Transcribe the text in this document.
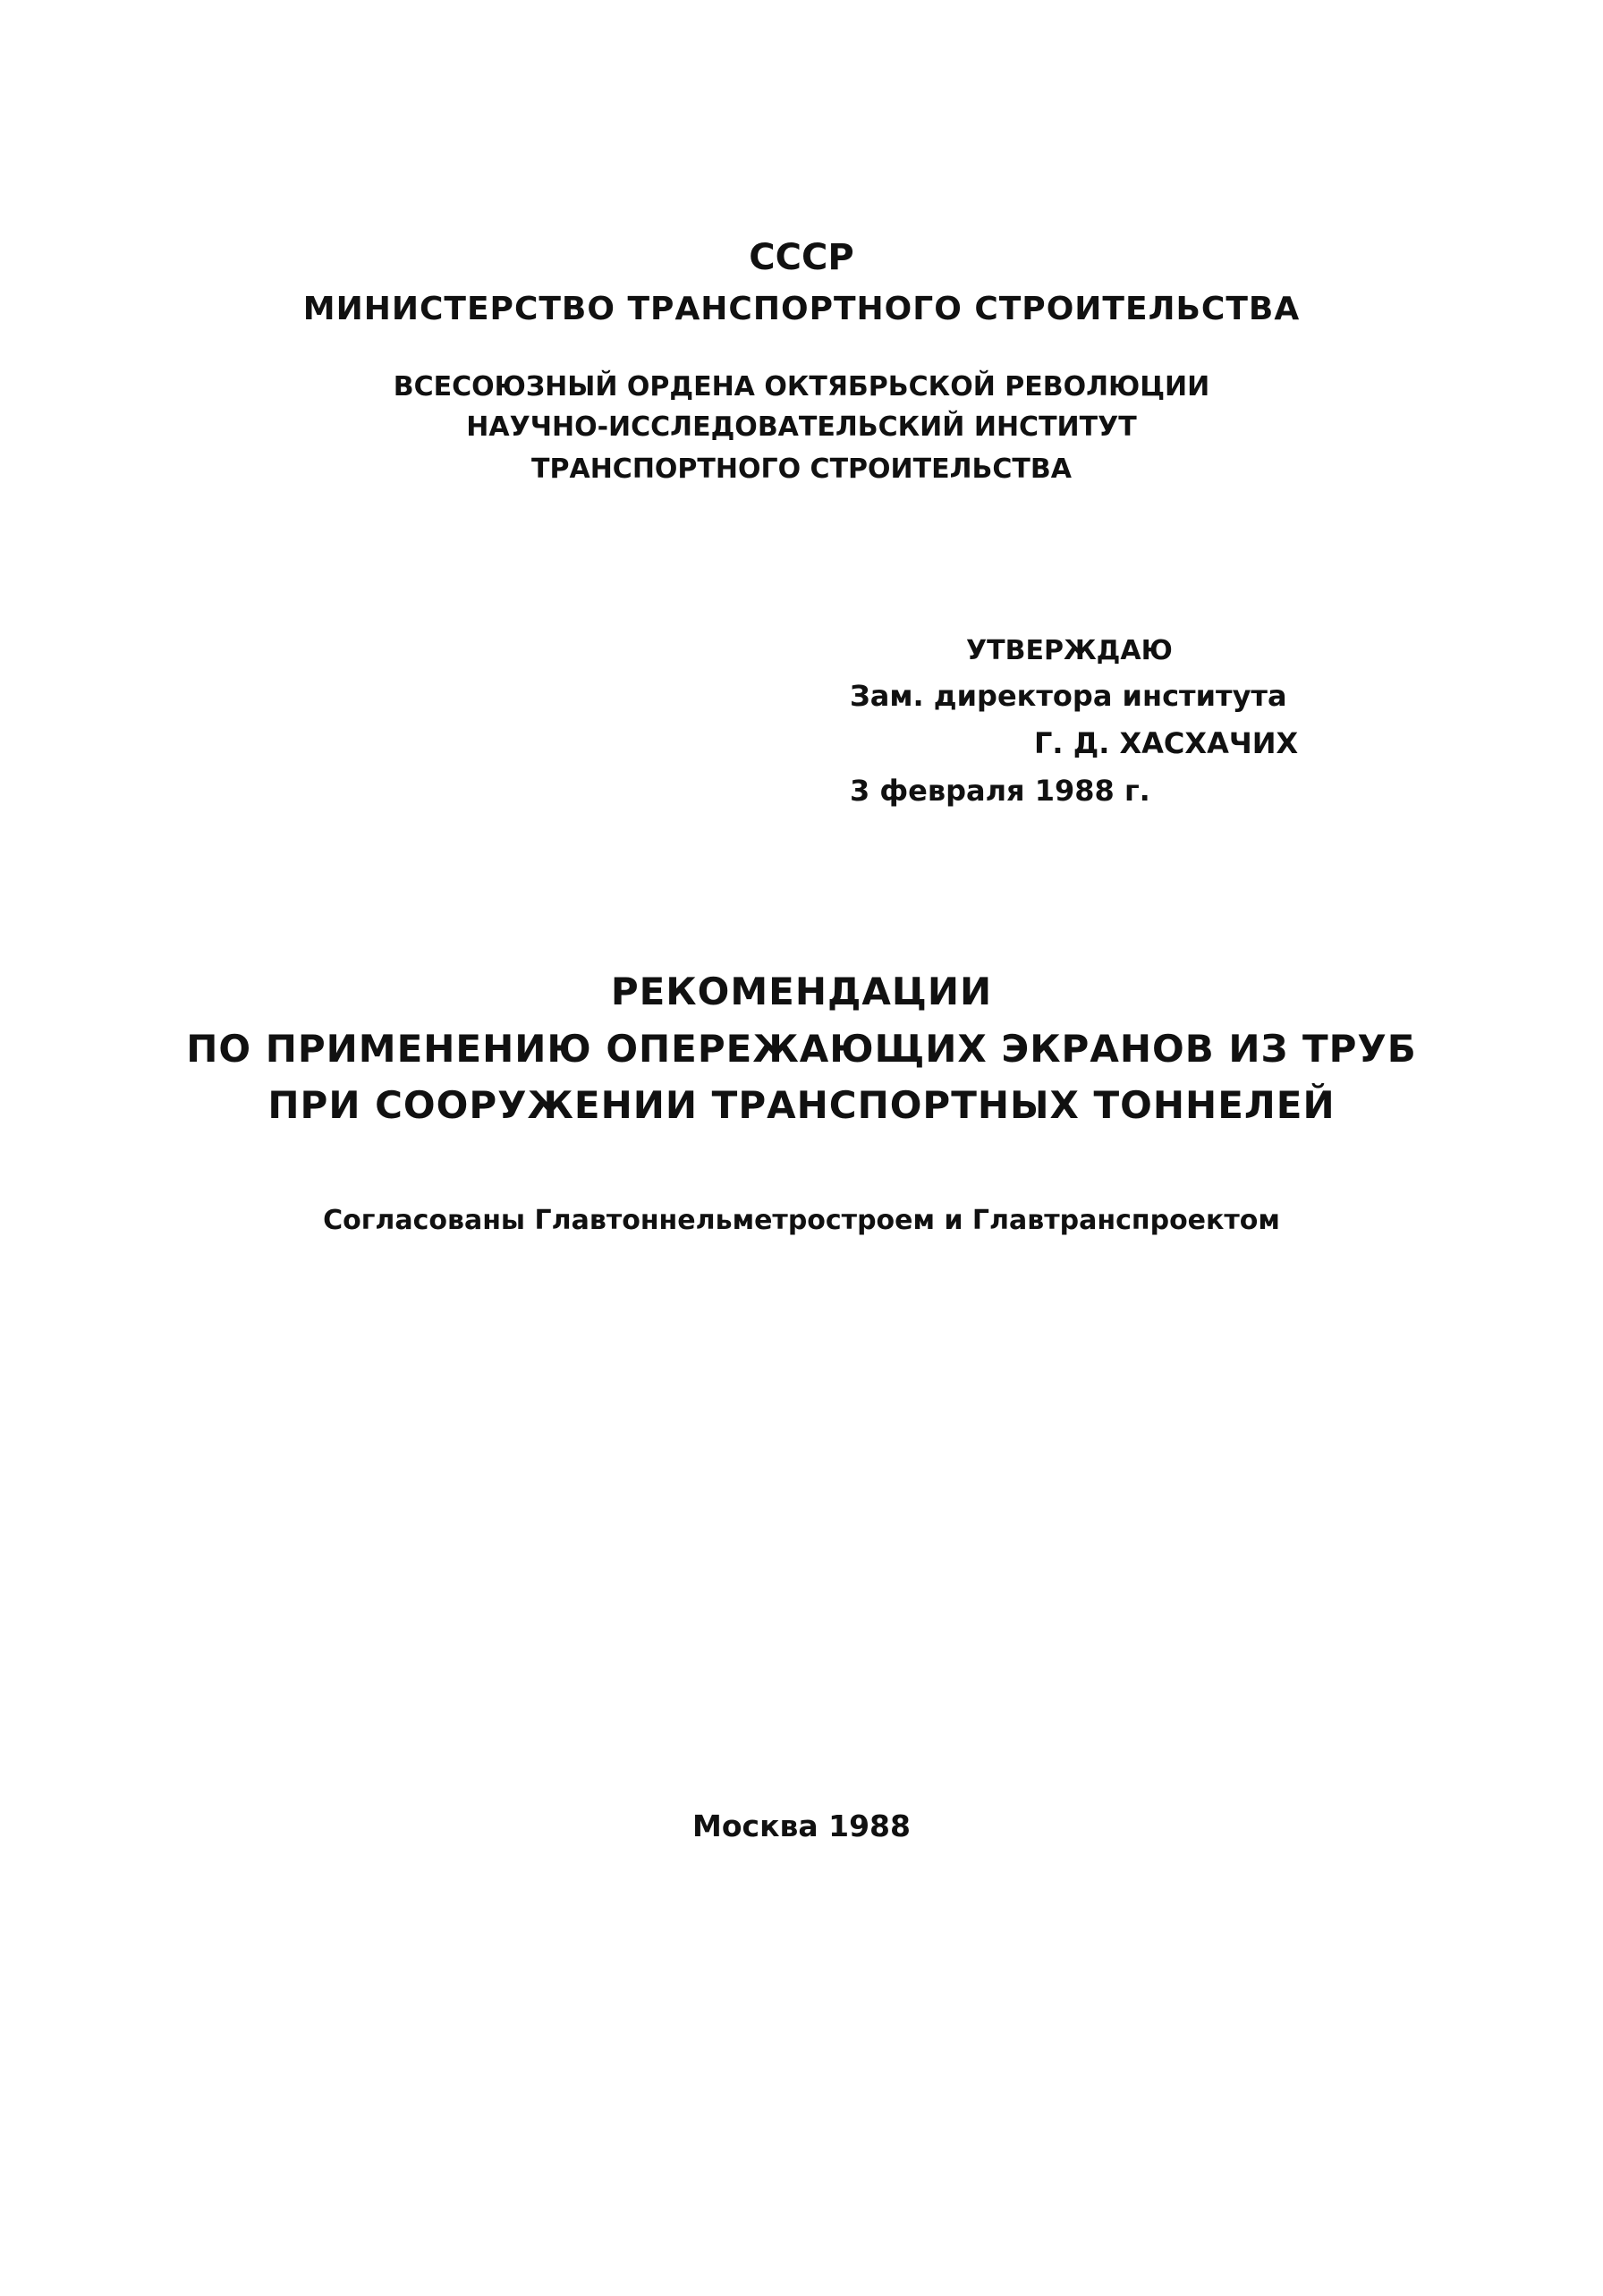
СССР
МИНИСТЕРСТВО ТРАНСПОРТНОГО СТРОИТЕЛЬСТВА
ВСЕСОЮЗНЫЙ ОРДЕНА ОКТЯБРЬСКОЙ РЕВОЛЮЦИИ
НАУЧНО-ИССЛЕДОВАТЕЛЬСКИЙ ИНСТИТУТ
ТРАНСПОРТНОГО СТРОИТЕЛЬСТВА
УТВЕРЖДАЮ
Зам. директора института
Г. Д. ХАСХАЧИХ
3 февраля 1988 г.
РЕКОМЕНДАЦИИ
ПО ПРИМЕНЕНИЮ ОПЕРЕЖАЮЩИХ ЭКРАНОВ ИЗ ТРУБ
ПРИ СООРУЖЕНИИ ТРАНСПОРТНЫХ ТОННЕЛЕЙ
Согласованы Главтоннельметростроем и Главтранспроектом
Москва 1988
